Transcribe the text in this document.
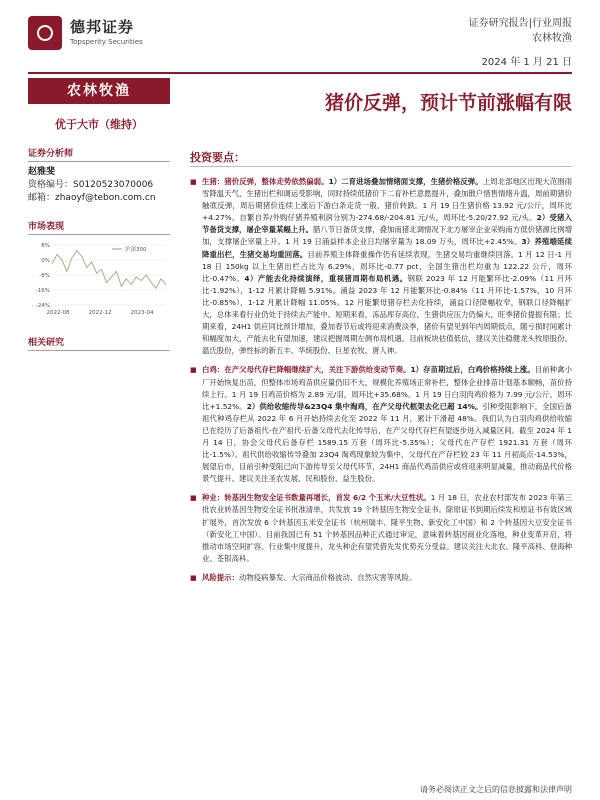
德邦证券
Topsperity Securities
证券研究报告|行业周报
农林牧渔
2024 年 1 月 21 日
农林牧渔
优于大市（维持）
证券分析师
赵雅斐
资格编号：S0120523070006
邮箱：zhaoyf@tebon.com.cn
市场表现
8%
0%
-8%
-16%
-24%
2022-08	2022-12	2023-04
沪深300
相关研究
猪价反弹，预计节前涨幅有限
投资要点：
■ 生猪：猪价反弹，整体走势依然偏弱。1）二育进场叠加情绪面支撑，生猪价格反弹。上周北部地区出现大范围雨雪降温天气，生猪出栏和调运受影响，同时持续低猪价下二育补栏意愿提升，叠加散户惜售情绪升温，周前期猪价触底反弹，周后期猪价连续上涨后下游白条走货一般，猪价转跌。1 月 19 日生猪价格 13.92 元/公斤，周环比+4.27%。自繁自养/外购仔猪养殖利润分别为-274.68/-204.81 元/头，周环比-5.20/27.92 元/头。2）受猪入节备货支撑，屠企宰量某幅上升。腊八节日备货支撑，叠加南猪北调情况下北方屠宰企业采购南方低价猪源比例增加，支撑屠企宰量上升。1 月 19 日涌益样本企业日均屠宰量为 18.09 万头，周环比+2.45%。3）养殖端延续降重出栏，生猪交易均重回落。目前养殖主体降重操作仍有延续表现，生猪交易均重继续回落。1 月 12 日-1 月 18 日 150kg 以上生猪出栏占比为 6.29%，周环比-0.77 pct，全国生猪出栏均重为 122.22 公斤，周环比-0.47%。4）产能去化持续演绎，重视猪周期布局机遇。钢联 2023 年 12 月能繁环比-2.09%（11 月环比-1.92%），1-12 月累计降幅 5.91%。涌益 2023 年 12 月能繁环比-0.84%（11 月环比-1.57%，10 月环比-0.85%），1-12 月累计降幅 11.05%。12 月能繁母猪存栏去化持续，涌益口径降幅收窄，钢联口径降幅扩大，总体来看行业仍处于持续去产能中。短期来看，冻品库存高位，生猪供应压力仍偏大，旺季猪价提振有限；长期来看，24H1 供应同比预计增加，叠加春节后或将迎来消费淡季，猪价有望见到年内周期低点，随亏损时间累计和幅度加大，产能去化有望加速，建议把握周期左侧布局机遇。目前板块估值低位，建议关注稳健龙头牧原股份、温氏股份，弹性标的新五丰、华统股份、巨星农牧、唐人神。
■ 白鸡：在产父母代存栏降幅继续扩大，关注下游供给变动节奏。1）存苗期过后，白鸡价格持续上涨。目前种禽小厂开始恢复出苗，但整体市场鸡苗供应量仍旧不大，规模化养殖场正常补栏，整体企业排苗计划基本顺畅，苗价持续上行。1 月 19 日鸡苗价格为 2.89 元/羽，周环比+35.68%。1 月 19 日白羽肉鸡价格为 7.99 元/公斤，周环比+1.52%。2）供给收缩传导&23Q4 集中淘鸡，在产父母代框架去化已超 14%。引种受阻影响下，全国后备祖代种鸡存栏从 2022 年 6 月开始持续去化至 2022 年 11 月，累计下滑超 48%。我们认为白羽肉鸡供给收缩已在经历了后备祖代-在产祖代-后备父母代去化传导后，在产父母代存栏有望逐步进入减量区间。截至 2024 年 1 月 14 日，协会父母代后备存栏 1589.15 万套（周环比-5.35%）；父母代在产存栏 1921.31 万套（周环比-1.5%）。祖代供给收缩传导叠加 23Q4 淘鸡现象较为集中，父母代在产存栏较 23 年 11 月初高点-14.53%，展望后市，目前引种受阻已向下游传导至父母代环节，24H1 商品代鸡苗供应或将迎来明显减量，推动商品代价格景气提升。建议关注圣农发展、民和股份、益生股份。
■ 种业：转基因生物安全证书数量再增长，首发 6/2 个玉米/大豆性状。1 月 18 日，农业农村部发布 2023 年第三批农业转基因生物安全证书批准清单，共发放 19 个转基因生物安全证书。除原证书到期后续发和原证书有效区域扩展外，首次发放 6 个转基因玉米安全证书（杭州瑞丰、隆平生物、新安化工中国）和 2 个转基因大豆安全证书（新安化工中国）。目前我国已有 51 个转基因品种正式通过审定，意味着转基因商业化落地，种业变革开启，将推动市场空间扩容、行业集中度提升，龙头种企有望凭借先发优势充分受益。建议关注大北农、隆平高科、登海种业、荃银高科。
■ 风险提示：动物疫病暴发、大宗商品价格波动、自然灾害等风险。
请务必阅读正文之后的信息披露和法律声明
